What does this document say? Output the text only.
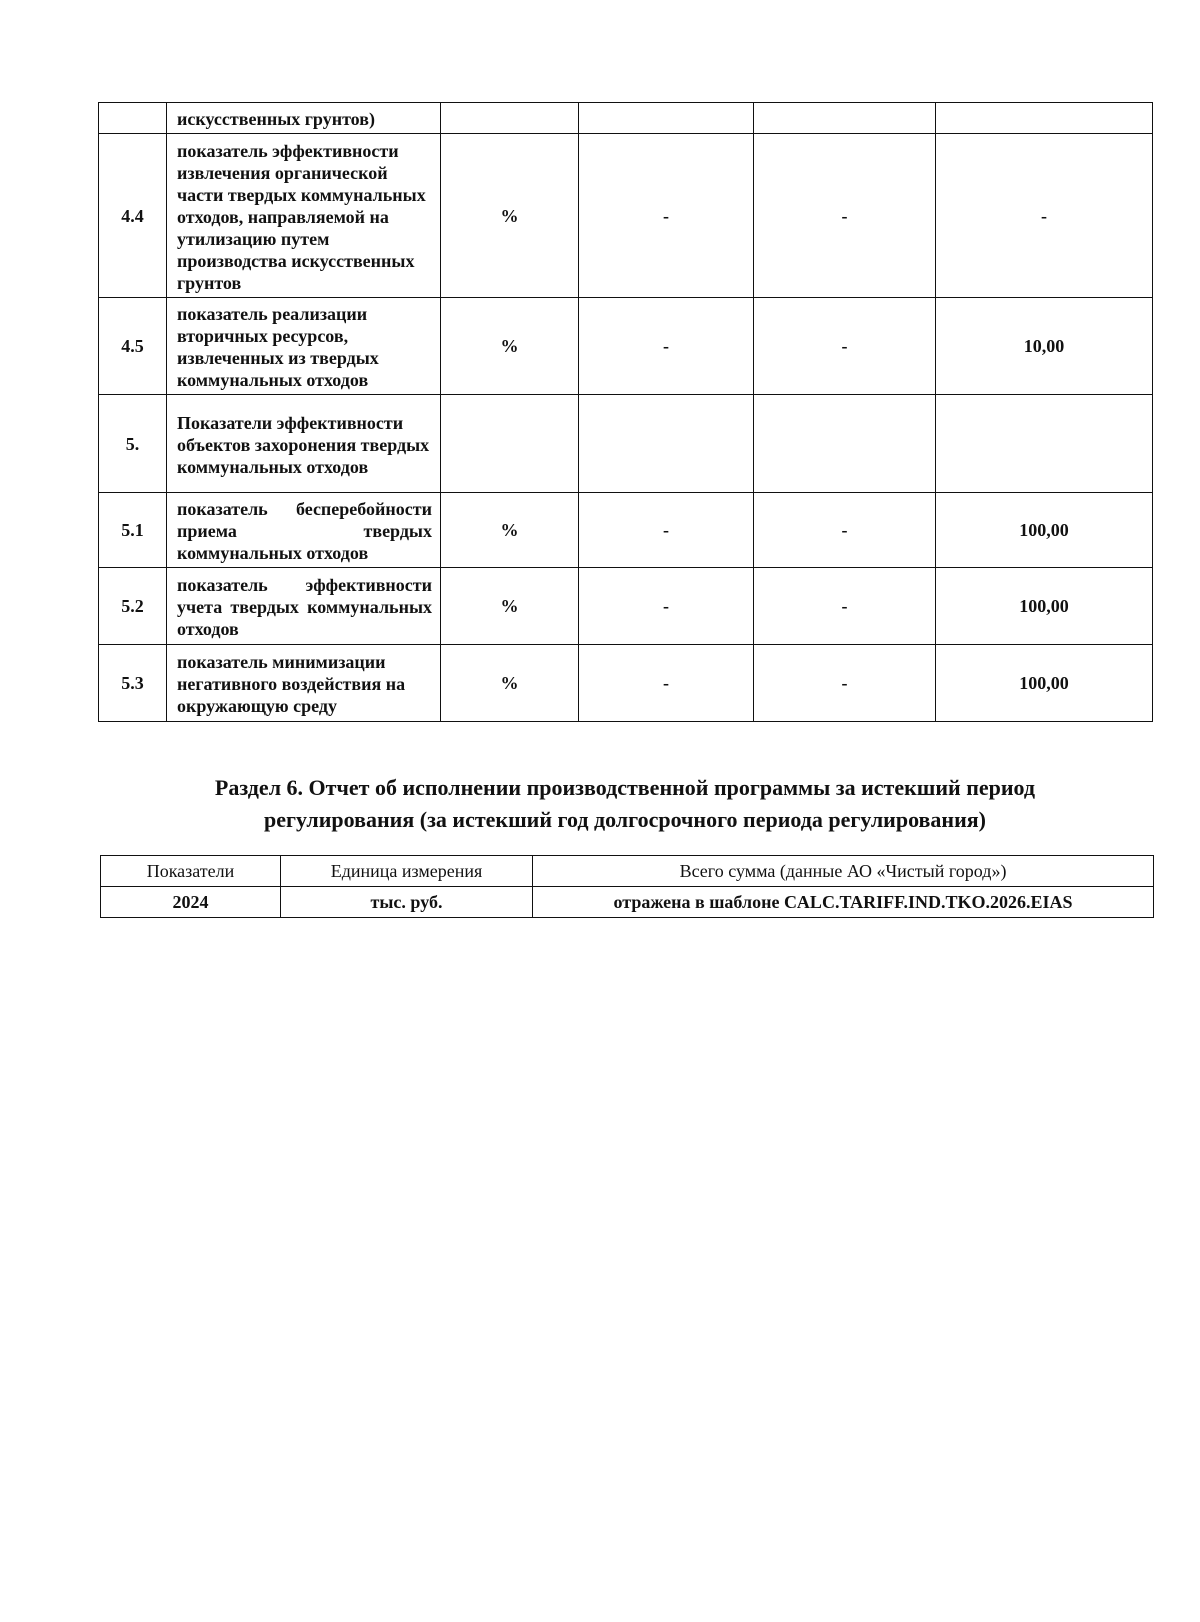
	искусственных грунтов)				
4.4	показатель эффективности извлечения органической части твердых коммунальных отходов, направляемой на утилизацию путем производства искусственных грунтов	%	-	-	-
4.5	показатель реализации вторичных ресурсов, извлеченных из твердых коммунальных отходов	%	-	-	10,00
5.	Показатели эффективности объектов захоронения твердых коммунальных отходов				
5.1	показатель бесперебойности приема твердых коммунальных отходов	%	-	-	100,00
5.2	показатель эффективности учета твердых коммунальных отходов	%	-	-	100,00
5.3	показатель минимизации негативного воздействия на окружающую среду	%	-	-	100,00
Раздел 6. Отчет об исполнении производственной программы за истекший период
регулирования (за истекший год долгосрочного периода регулирования)
Показатели	Единица измерения	Всего сумма (данные АО «Чистый город»)
2024	тыс. руб.	отражена в шаблоне CALC.TARIFF.IND.TKO.2026.EIAS
